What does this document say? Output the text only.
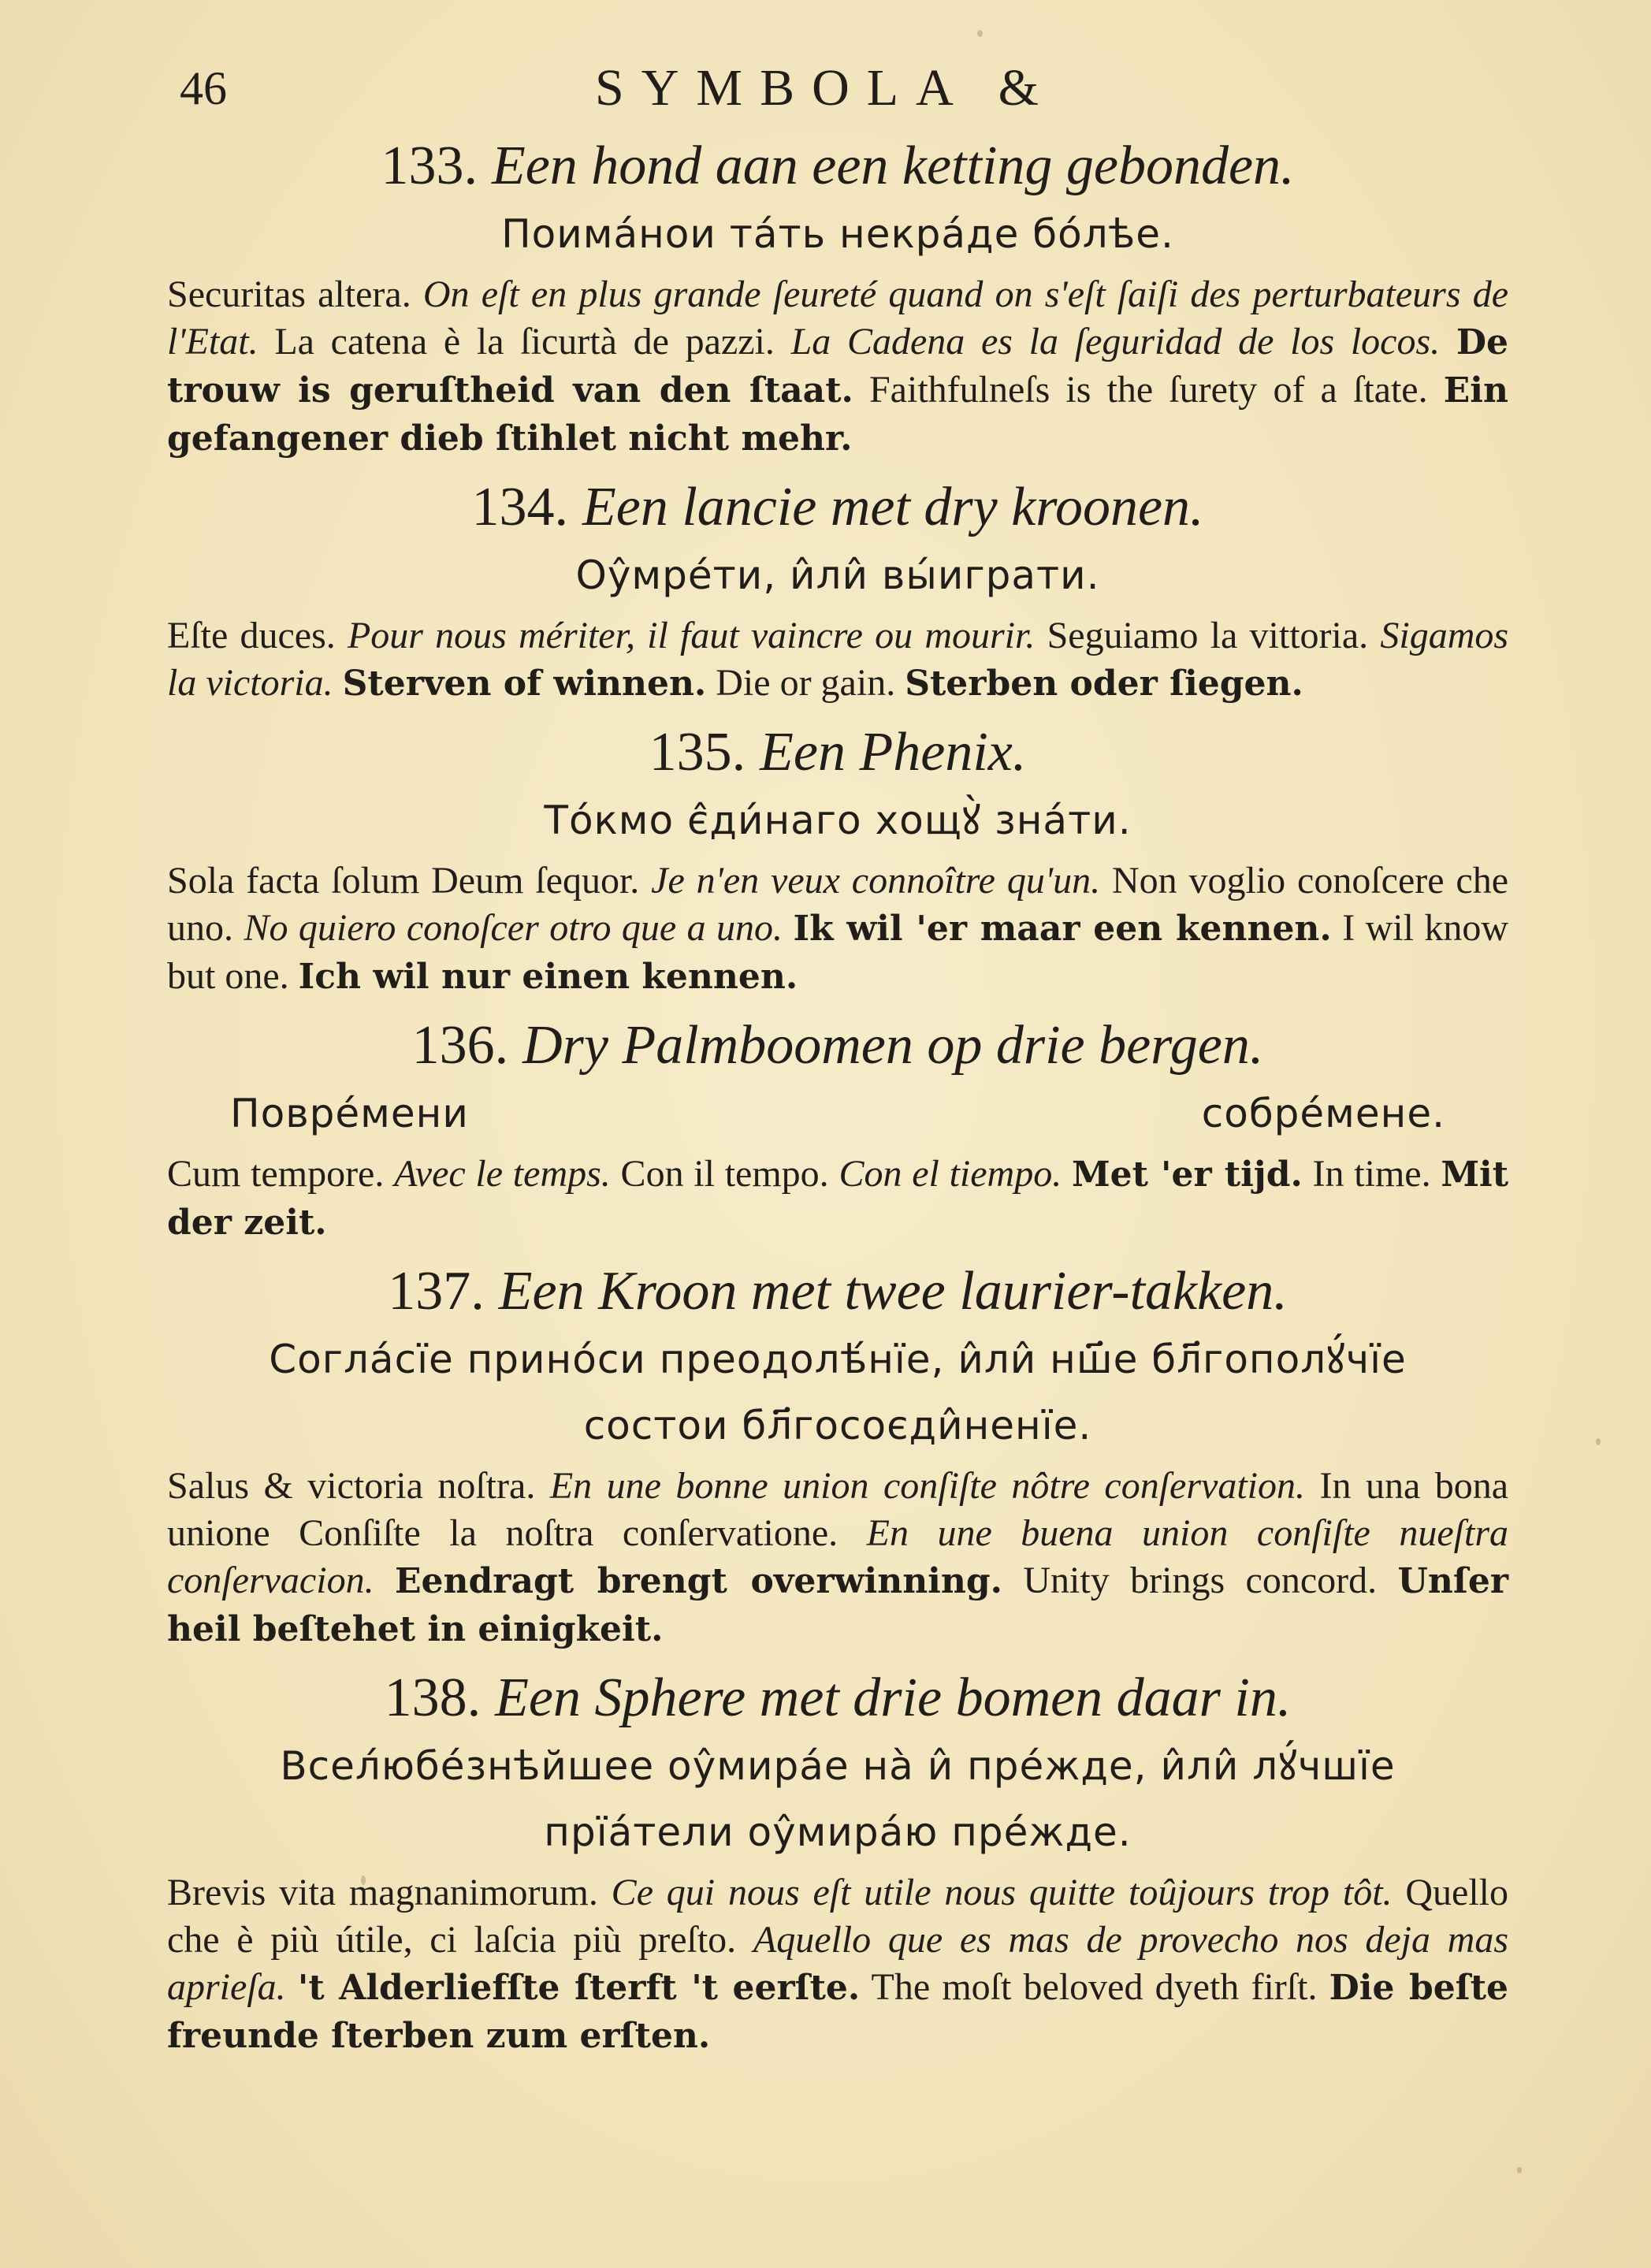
46	SYMBOLA &

133. Een hond aan een ketting gebonden.

Поима́нои та́ть некра́де бо́лѣе.

Securitas altera. On eſt en plus grande ſeureté quand on s'eſt ſaiſi des perturbateurs de l'Etat. La catena è la ſicurtà de pazzi. La Cadena es la ſeguridad de los locos. De trouw is geruſtheid van den ſtaat. Faithfulneſs is the ſurety of a ſtate. Ein gefangener dieb ſtihlet nicht mehr.

134. Een lancie met dry kroonen.

Оу̂мре́ти, и̂ли̂ вы́играти.

Eſte duces. Pour nous mériter, il faut vaincre ou mourir. Seguiamo la vittoria. Sigamos la victoria. Sterven of winnen. Die or gain. Sterben oder ſiegen.

135. Een Phenix.

То́кмо є̂ди́наго хощꙋ̀ зна́ти.

Sola facta ſolum Deum ſequor. Je n'en veux connoître qu'un. Non voglio conoſcere che uno. No quiero conoſcer otro que a uno. Ik wil 'er maar een kennen. I wil know but one. Ich wil nur einen kennen.

136. Dry Palmboomen op drie bergen.

Повре́мени	собре́мене.

Cum tempore. Avec le temps. Con il tempo. Con el tiempo. Met 'er tijd. In time. Mit der zeit.

137. Een Kroon met twee laurier-takken.

Согла́сїе прино́си преодолѣ́нїе, и̂ли̂ нш҃е бл҃гополꙋ́чїе

состои бл҃госоєди̂ненїе.

Salus & victoria noſtra. En une bonne union conſiſte nôtre conſervation. In una bona unione Conſiſte la noſtra conſervatione. En une buena union conſiſte nueſtra conſervacion. Eendragt brengt overwinning. Unity brings concord. Unſer heil beſtehet in einigkeit.

138. Een Sphere met drie bomen daar in.

Всел́юбе́знѣйшее оу̂мира́е на̀ и̂ пре́жде, и̂ли̂ лꙋ́чшїе

прїа́тели оу̂мира́ю пре́жде.

Brevis vita magnanimorum. Ce qui nous eſt utile nous quitte toûjours trop tôt. Quello che è più útile, ci laſcia più preſto. Aquello que es mas de provecho nos deja mas aprieſa. 't Alderliefſte ſterft 't eerſte. The moſt beloved dyeth firſt. Die beſte freunde ſterben zum erſten.
